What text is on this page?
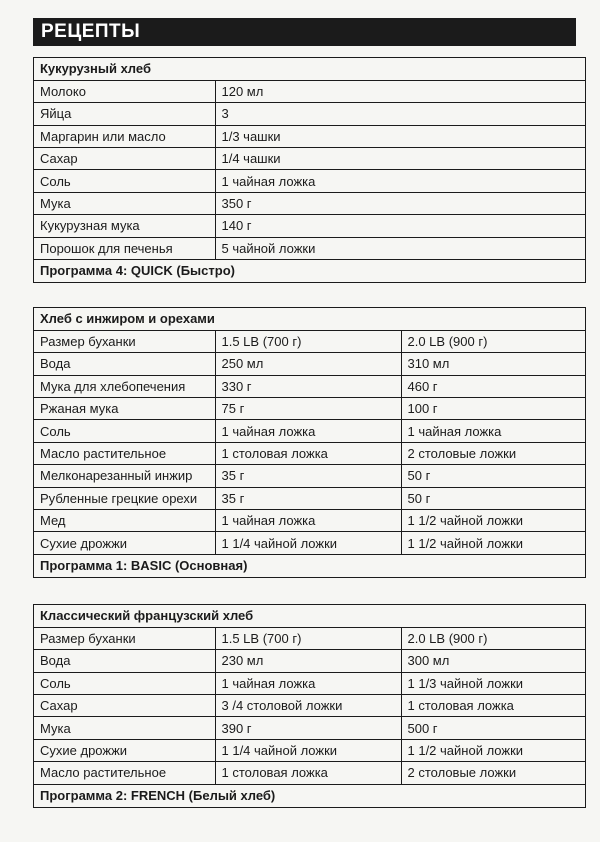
РЕЦЕПТЫ
Кукурузный хлеб	
Молоко	120 мл
Яйца	3
Маргарин или масло	1/3 чашки
Сахар	1/4 чашки
Соль	1 чайная ложка
Мука	350 г
Кукурузная мука	140 г
Порошок для печенья	5 чайной ложки
Программа 4: QUICK (Быстро)	
Хлеб с инжиром и орехами		
Размер буханки	1.5 LB (700 г)	2.0 LB (900 г)
Вода	250 мл	310 мл
Мука для хлебопечения	330 г	460 г
Ржаная мука	75 г	100 г
Соль	1 чайная ложка	1 чайная ложка
Масло растительное	1 столовая ложка	2 столовые ложки
Мелконарезанный инжир	35 г	50 г
Рубленные грецкие орехи	35 г	50 г
Мед	1 чайная ложка	1 1/2 чайной ложки
Сухие дрожжи	1 1/4 чайной ложки	1 1/2 чайной ложки
Программа 1: BASIC (Основная)		
Классический французский хлеб		
Размер буханки	1.5 LB (700 г)	2.0 LB (900 г)
Вода	230 мл	300 мл
Соль	1 чайная ложка	1 1/3 чайной ложки
Сахар	3 /4 столовой ложки	1 столовая ложка
Мука	390 г	500 г
Сухие дрожжи	1 1/4 чайной ложки	1 1/2 чайной ложки
Масло растительное	1 столовая ложка	2 столовые ложки
Программа 2: FRENCH (Белый хлеб)		
